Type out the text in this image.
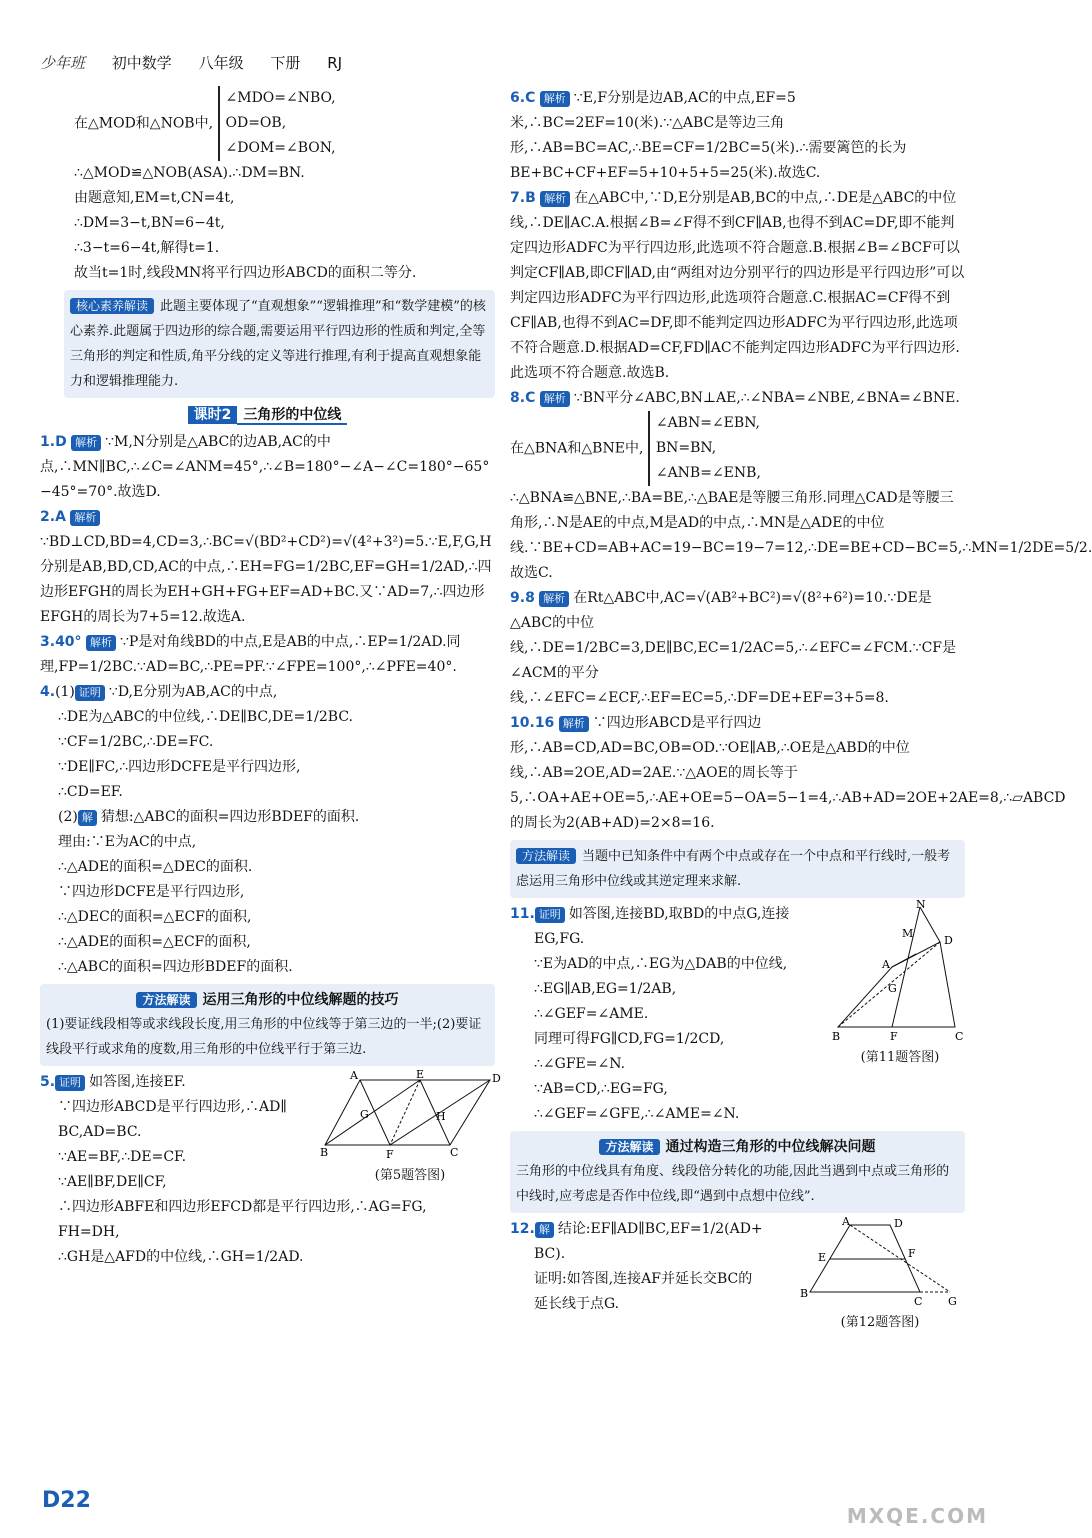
少年班 初中数学 八年级 下册 RJ
在△MOD和△NOB中,
∠MDO=∠NBO,
OD=OB,
∠DOM=∠BON,
∴△MOD≌△NOB(ASA).∴DM=BN.
由题意知,EM=t,CN=4t,
∴DM=3−t,BN=6−4t,
∴3−t=6−4t,解得t=1.
故当t=1时,线段MN将平行四边形ABCD的面积二等分.
核心素养解读 此题主要体现了“直观想象”“逻辑推理”和“数学建模”的核心素养.此题属于四边形的综合题,需要运用平行四边形的性质和判定,全等三角形的判定和性质,角平分线的定义等进行推理,有利于提高直观想象能力和逻辑推理能力.
课时2 三角形的中位线
1.D 解析 ∵M,N分别是△ABC的边AB,AC的中点,∴MN∥BC,∴∠C=∠ANM=45°,∴∠B=180°−∠A−∠C=180°−65°−45°=70°.故选D.
2.A 解析∵BD⊥CD,BD=4,CD=3,∴BC=√(BD²+CD²)=√(4²+3²)=5.∵E,F,G,H分别是AB,BD,CD,AC的中点,∴EH=FG=1/2BC,EF=GH=1/2AD,∴四边形EFGH的周长为EH+GH+FG+EF=AD+BC.又∵AD=7,∴四边形EFGH的周长为7+5=12.故选A.
3.40° 解析 ∵P是对角线BD的中点,E是AB的中点,∴EP=1/2AD.同理,FP=1/2BC.∵AD=BC,∴PE=PF.∵∠FPE=100°,∴∠PFE=40°.
4.(1) 证明 ∵D,E分别为AB,AC的中点,
∴DE为△ABC的中位线,∴DE∥BC,DE=1/2BC.
∵CF=1/2BC,∴DE=FC.
∵DE∥FC,∴四边形DCFE是平行四边形,
∴CD=EF.
(2) 解 猜想:△ABC的面积=四边形BDEF的面积.
理由:∵E为AC的中点,
∴△ADE的面积=△DEC的面积.
∵四边形DCFE是平行四边形,
∴△DEC的面积=△ECF的面积,
∴△ADE的面积=△ECF的面积,
∴△ABC的面积=四边形BDEF的面积.
方法解读 运用三角形的中位线解题的技巧
(1)要证线段相等或求线段长度,用三角形的中位线等于第三边的一半;(2)要证线段平行或求角的度数,用三角形的中位线平行于第三边.
5. 证明 如答图,连接EF.
∵四边形ABCD是平行四边形,∴AD∥
BC,AD=BC.
∵AE=BF,∴DE=CF.
∵AE∥BF,DE∥CF,
∴四边形ABFE和四边形EFCD都是平行四边形,∴AG=FG,
FH=DH,
∴GH是△AFD的中位线,∴GH=1/2AD.
A	E	D
B	F	C
G	H
(第5题答图)
6.C 解析 ∵E,F分别是边AB,AC的中点,EF=5米,∴BC=2EF=10(米).∵△ABC是等边三角形,∴AB=BC=AC,∴BE=CF=1/2BC=5(米).∴需要篱笆的长为BE+BC+CF+EF=5+10+5+5=25(米).故选C.
7.B 解析 在△ABC中,∵D,E分别是AB,BC的中点,∴DE是△ABC的中位线,∴DE∥AC.A.根据∠B=∠F得不到CF∥AB,也得不到AC=DF,即不能判定四边形ADFC为平行四边形,此选项不符合题意.B.根据∠B=∠BCF可以判定CF∥AB,即CF∥AD,由“两组对边分别平行的四边形是平行四边形”可以判定四边形ADFC为平行四边形,此选项符合题意.C.根据AC=CF得不到CF∥AB,也得不到AC=DF,即不能判定四边形ADFC为平行四边形,此选项不符合题意.D.根据AD=CF,FD∥AC不能判定四边形ADFC为平行四边形.此选项不符合题意.故选B.
8.C 解析 ∵BN平分∠ABC,BN⊥AE,∴∠NBA=∠NBE,∠BNA=∠BNE.在△BNA和△BNE中,
∠ABN=∠EBN,
BN=BN,
∠ANB=∠ENB,
∴△BNA≌△BNE,∴BA=BE,∴△BAE是等腰三角形.同理△CAD是等腰三角形,∴N是AE的中点,M是AD的中点,∴MN是△ADE的中位线.∵BE+CD=AB+AC=19−BC=19−7=12,∴DE=BE+CD−BC=5,∴MN=1/2DE=5/2.故选C.
9.8 解析 在Rt△ABC中,AC=√(AB²+BC²)=√(8²+6²)=10.∵DE是△ABC的中位线,∴DE=1/2BC=3,DE∥BC,EC=1/2AC=5,∴∠EFC=∠FCM.∵CF是∠ACM的平分线,∴∠EFC=∠ECF,∴EF=EC=5,∴DF=DE+EF=3+5=8.
10.16 解析 ∵四边形ABCD是平行四边形,∴AB=CD,AD=BC,OB=OD.∵OE∥AB,∴OE是△ABD的中位线,∴AB=2OE,AD=2AE.∵△AOE的周长等于5,∴OA+AE+OE=5,∴AE+OE=5−OA=5−1=4,∴AB+AD=2OE+2AE=8,∴▱ABCD的周长为2(AB+AD)=2×8=16.
方法解读 当题中已知条件中有两个中点或存在一个中点和平行线时,一般考虑运用三角形中位线或其逆定理来求解.
11. 证明 如答图,连接BD,取BD的中点G,连接
EG,FG.
∵E为AD的中点,∴EG为△DAB的中位线,
∴EG∥AB,EG=1/2AB,
∴∠GEF=∠AME.
同理可得FG∥CD,FG=1/2CD,
∴∠GFE=∠N.
∵AB=CD,∴EG=FG,
∴∠GEF=∠GFE,∴∠AME=∠N.
N
D
A
M
B	C
F
G
(第11题答图)
方法解读 通过构造三角形的中位线解决问题
三角形的中位线具有角度、线段倍分转化的功能,因此当遇到中点或三角形的中线时,应考虑是否作中位线,即“遇到中点想中位线”.
12. 解 结论:EF∥AD∥BC,EF=1/2(AD+
BC).
证明:如答图,连接AF并延长交BC的
延长线于点G.
A	D
E	F
B
C G
(第12题答图)
D22
MXQE.COM
